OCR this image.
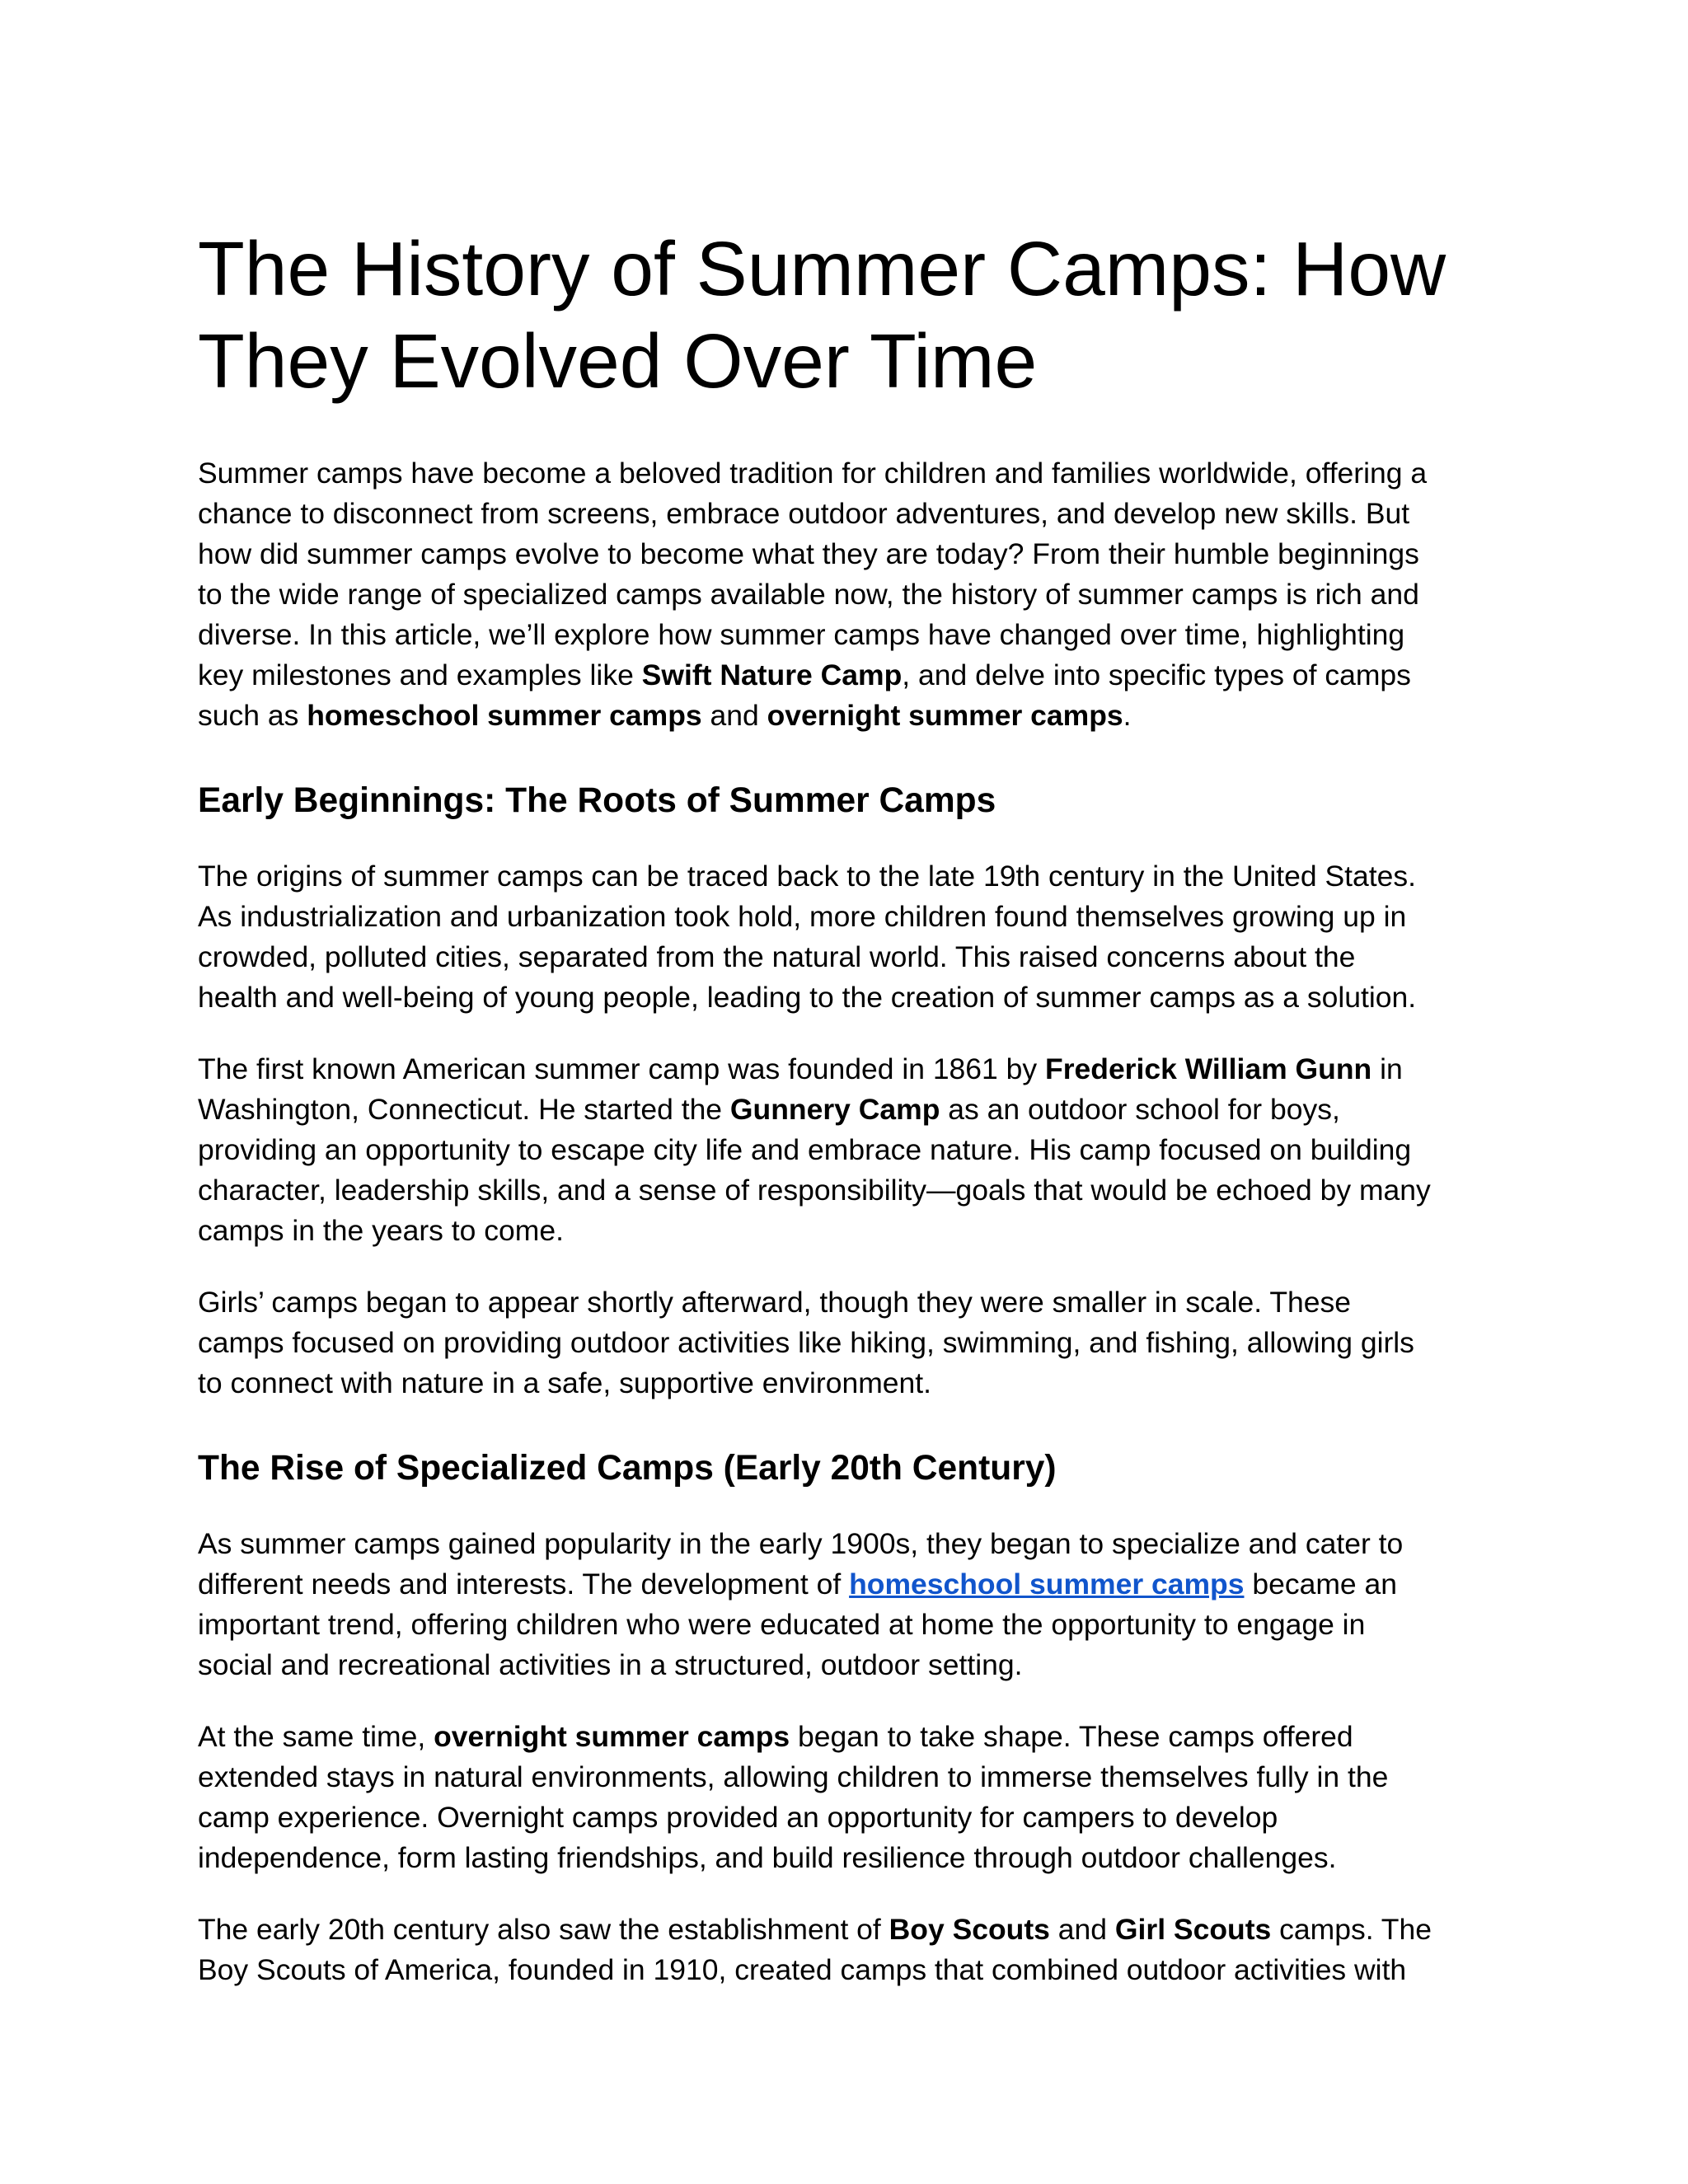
The History of Summer Camps: How
They Evolved Over Time

Summer camps have become a beloved tradition for children and families worldwide, offering a
chance to disconnect from screens, embrace outdoor adventures, and develop new skills. But
how did summer camps evolve to become what they are today? From their humble beginnings
to the wide range of specialized camps available now, the history of summer camps is rich and
diverse. In this article, we’ll explore how summer camps have changed over time, highlighting
key milestones and examples like Swift Nature Camp, and delve into specific types of camps
such as homeschool summer camps and overnight summer camps.

Early Beginnings: The Roots of Summer Camps

The origins of summer camps can be traced back to the late 19th century in the United States.
As industrialization and urbanization took hold, more children found themselves growing up in
crowded, polluted cities, separated from the natural world. This raised concerns about the
health and well-being of young people, leading to the creation of summer camps as a solution.

The first known American summer camp was founded in 1861 by Frederick William Gunn in
Washington, Connecticut. He started the Gunnery Camp as an outdoor school for boys,
providing an opportunity to escape city life and embrace nature. His camp focused on building
character, leadership skills, and a sense of responsibility—goals that would be echoed by many
camps in the years to come.

Girls’ camps began to appear shortly afterward, though they were smaller in scale. These
camps focused on providing outdoor activities like hiking, swimming, and fishing, allowing girls
to connect with nature in a safe, supportive environment.

The Rise of Specialized Camps (Early 20th Century)

As summer camps gained popularity in the early 1900s, they began to specialize and cater to
different needs and interests. The development of homeschool summer camps became an
important trend, offering children who were educated at home the opportunity to engage in
social and recreational activities in a structured, outdoor setting.

At the same time, overnight summer camps began to take shape. These camps offered
extended stays in natural environments, allowing children to immerse themselves fully in the
camp experience. Overnight camps provided an opportunity for campers to develop
independence, form lasting friendships, and build resilience through outdoor challenges.

The early 20th century also saw the establishment of Boy Scouts and Girl Scouts camps. The
Boy Scouts of America, founded in 1910, created camps that combined outdoor activities with
